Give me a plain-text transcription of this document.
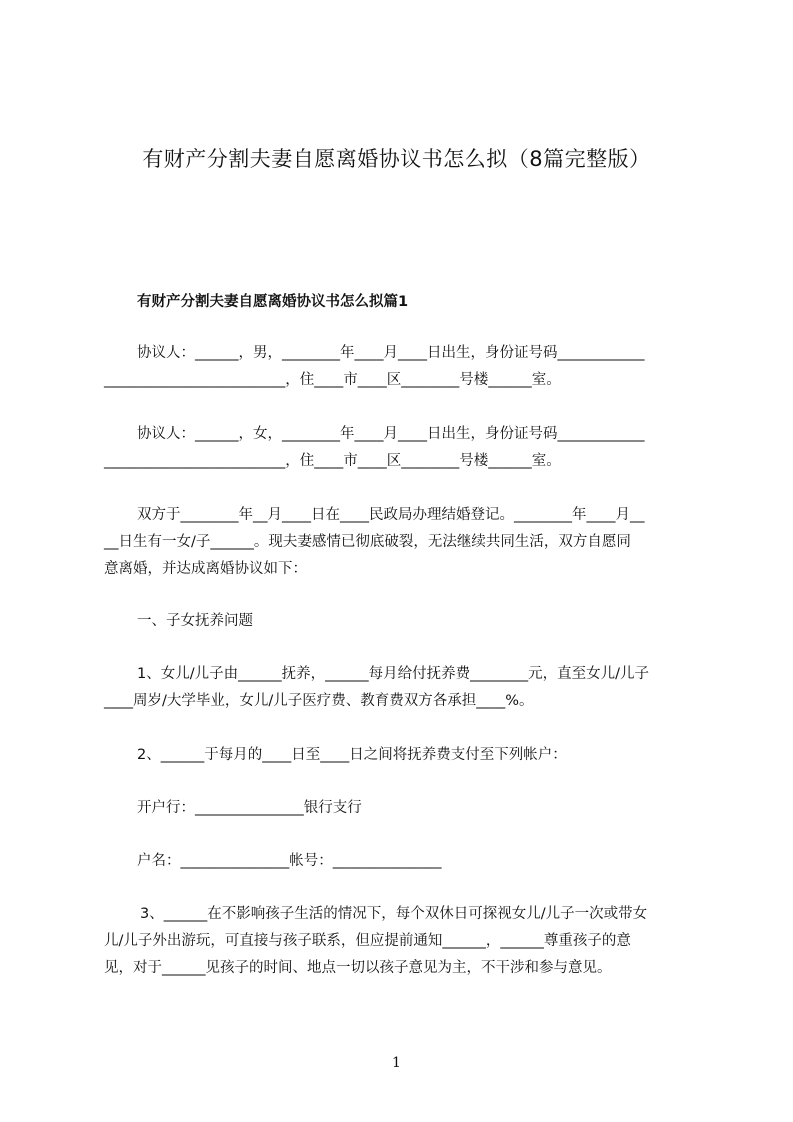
有财产分割夫妻自愿离婚协议书怎么拟（8篇完整版）
有财产分割夫妻自愿离婚协议书怎么拟篇1

协议人：______，男，________年____月____日出生，身份证号码____________

_________________________，住____市____区________号楼______室。

协议人：______，女，________年____月____日出生，身份证号码____________

_________________________，住____市____区________号楼______室。

双方于________年__月____日在____民政局办理结婚登记。________年____月__

__日生有一女/子______。现夫妻感情已彻底破裂，无法继续共同生活，双方自愿同

意离婚，并达成离婚协议如下：

一、子女抚养问题

1、女儿/儿子由______抚养，______每月给付抚养费________元，直至女儿/儿子

____周岁/大学毕业，女儿/儿子医疗费、教育费双方各承担____%。

2、______于每月的____日至____日之间将抚养费支付至下列帐户：

开户行：_______________银行支行

户名：_______________帐号：_______________

3、______在不影响孩子生活的情况下，每个双休日可探视女儿/儿子一次或带女

儿/儿子外出游玩，可直接与孩子联系，但应提前通知______，______尊重孩子的意

见，对于______见孩子的时间、地点一切以孩子意见为主，不干涉和参与意见。

1
